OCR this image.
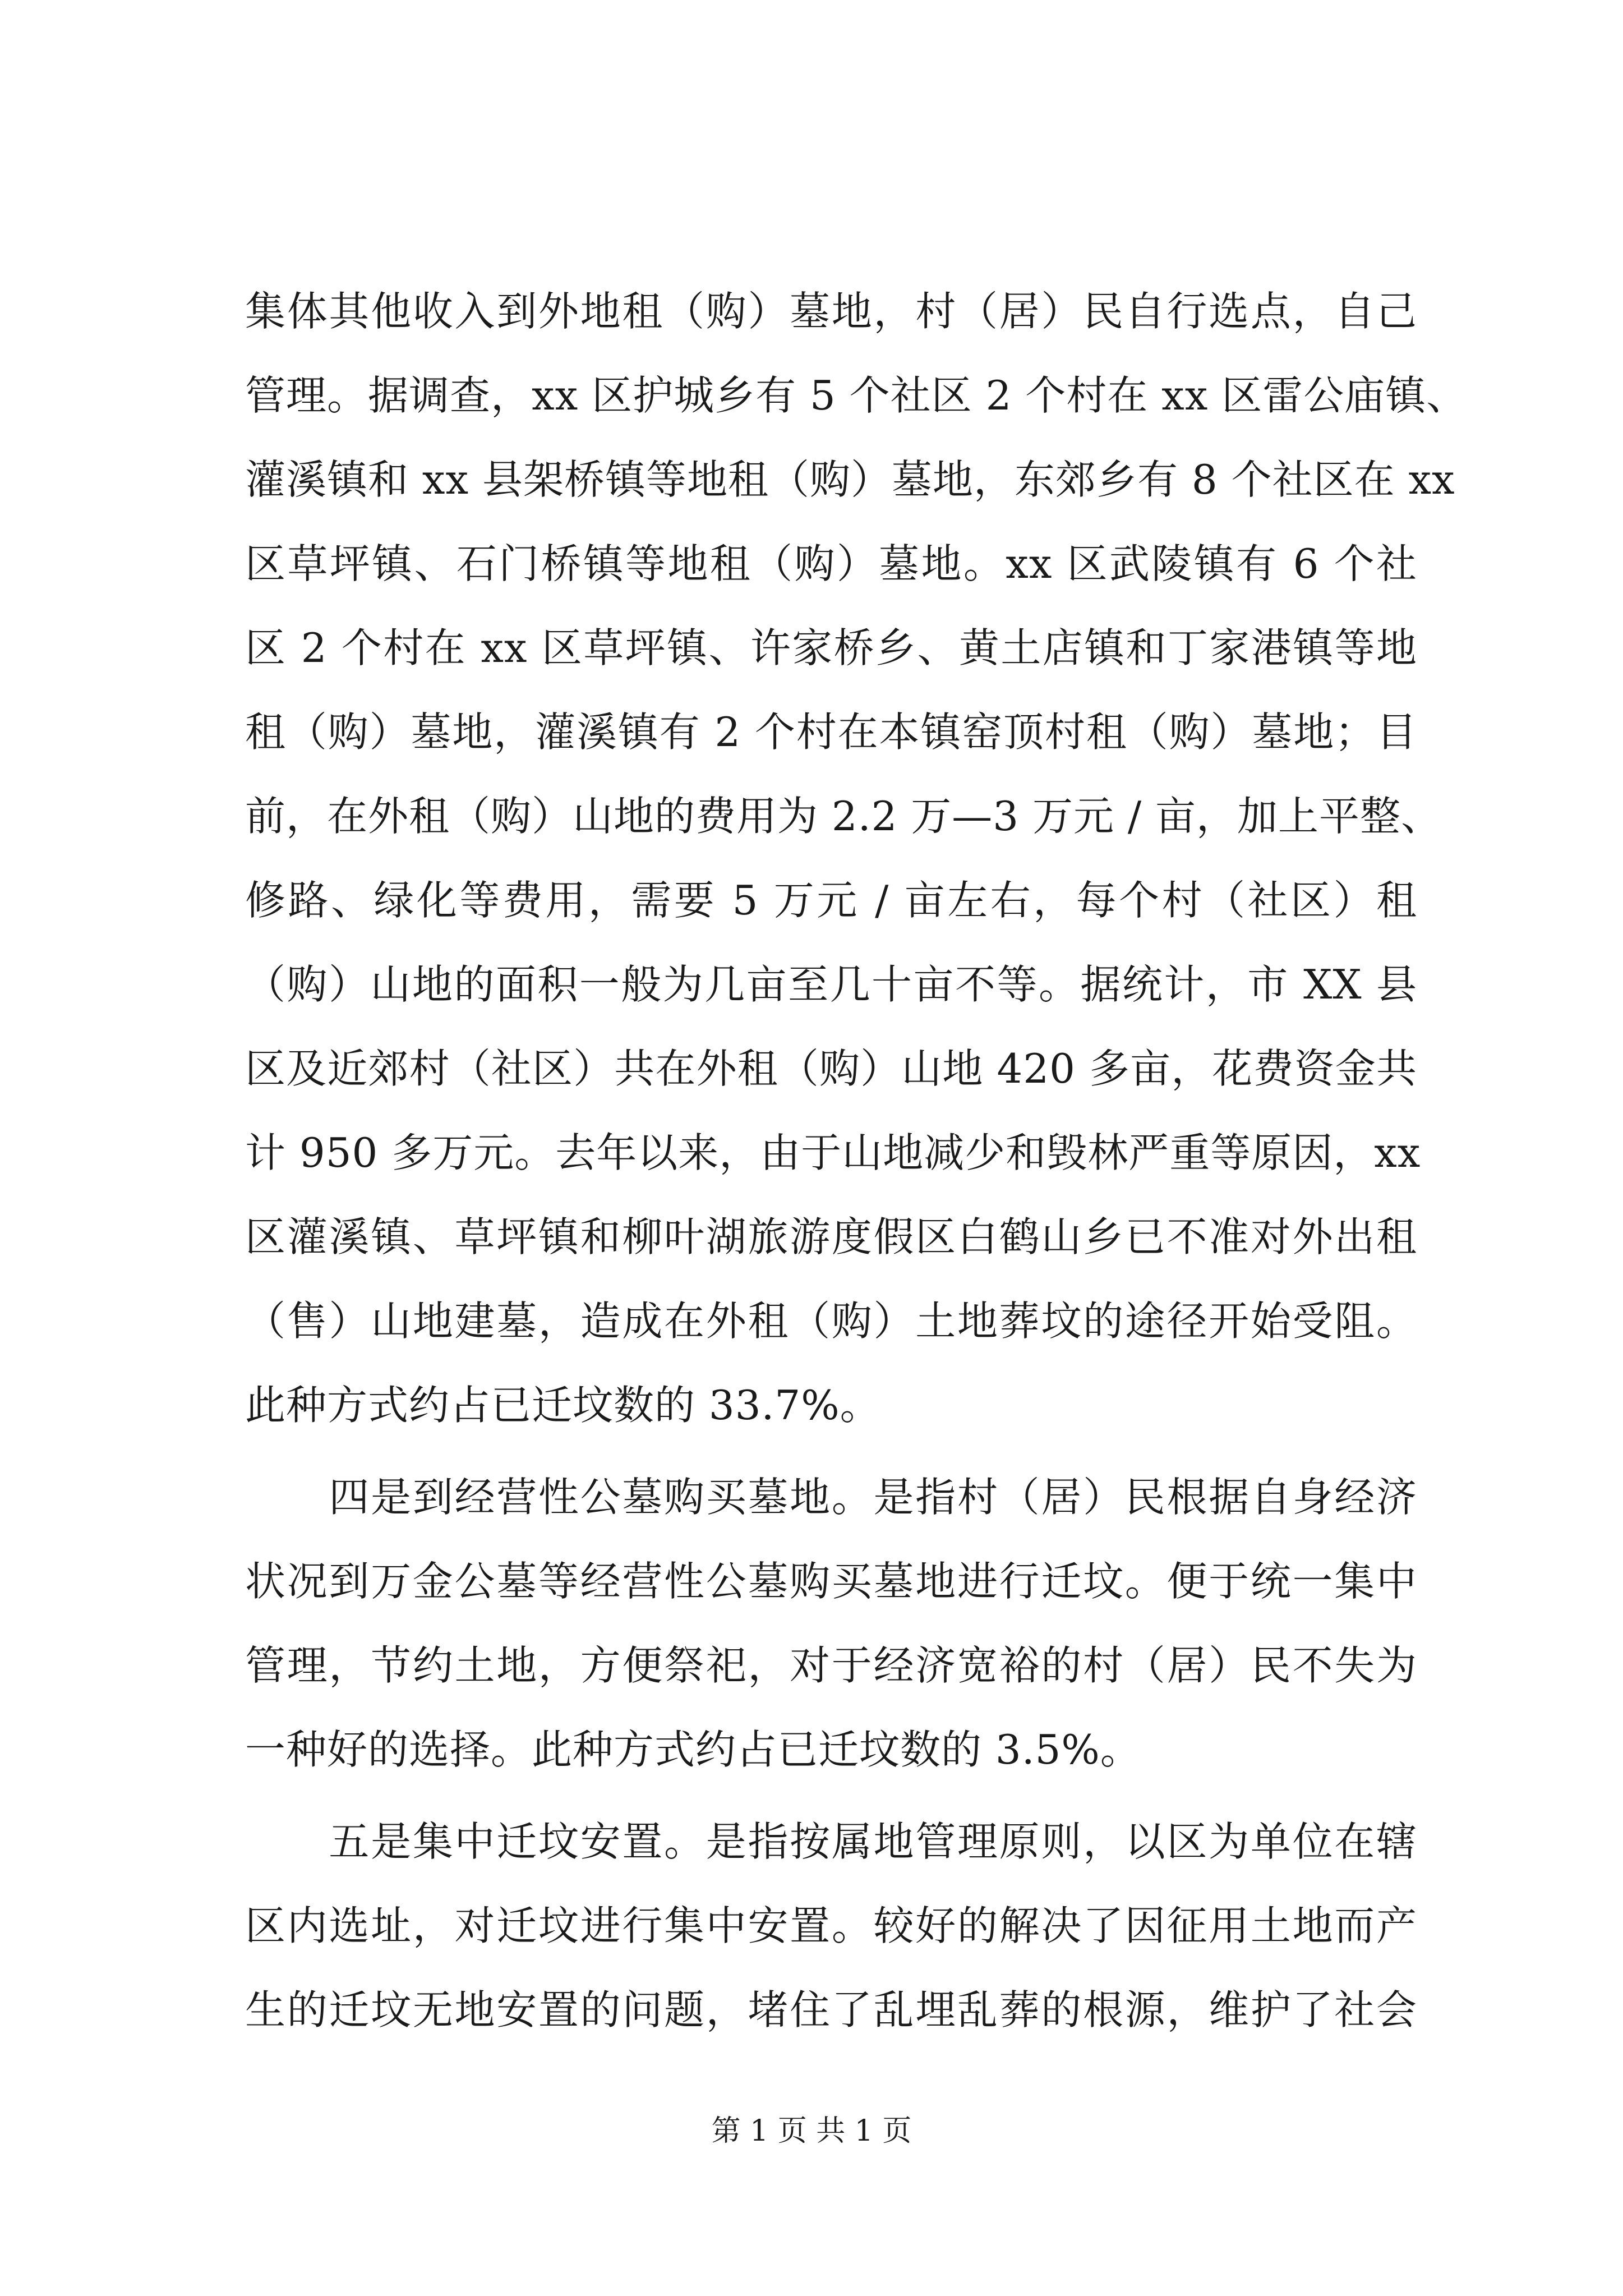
集体其他收入到外地租（购）墓地，村（居）民自行选点，自己
管理。据调查，xx 区护城乡有 5 个社区 2 个村在 xx 区雷公庙镇、
灌溪镇和 xx 县架桥镇等地租（购）墓地，东郊乡有 8 个社区在 xx
区草坪镇、石门桥镇等地租（购）墓地。xx 区武陵镇有 6 个社
区 2 个村在 xx 区草坪镇、许家桥乡、黄土店镇和丁家港镇等地
租（购）墓地，灌溪镇有 2 个村在本镇窑顶村租（购）墓地；目
前，在外租（购）山地的费用为 2.2 万—3 万元 / 亩，加上平整、
修路、绿化等费用，需要 5 万元 / 亩左右，每个村（社区）租
（购）山地的面积一般为几亩至几十亩不等。据统计，市 XX 县
区及近郊村（社区）共在外租（购）山地 420 多亩，花费资金共
计 950 多万元。去年以来，由于山地减少和毁林严重等原因，xx
区灌溪镇、草坪镇和柳叶湖旅游度假区白鹤山乡已不准对外出租
（售）山地建墓，造成在外租（购）土地葬坟的途径开始受阻。
此种方式约占已迁坟数的 33.7%。
　　四是到经营性公墓购买墓地。是指村（居）民根据自身经济
状况到万金公墓等经营性公墓购买墓地进行迁坟。便于统一集中
管理，节约土地，方便祭祀，对于经济宽裕的村（居）民不失为
一种好的选择。此种方式约占已迁坟数的 3.5%。
　　五是集中迁坟安置。是指按属地管理原则，以区为单位在辖
区内选址，对迁坟进行集中安置。较好的解决了因征用土地而产
生的迁坟无地安置的问题，堵住了乱埋乱葬的根源，维护了社会
第 1 页 共 1 页
